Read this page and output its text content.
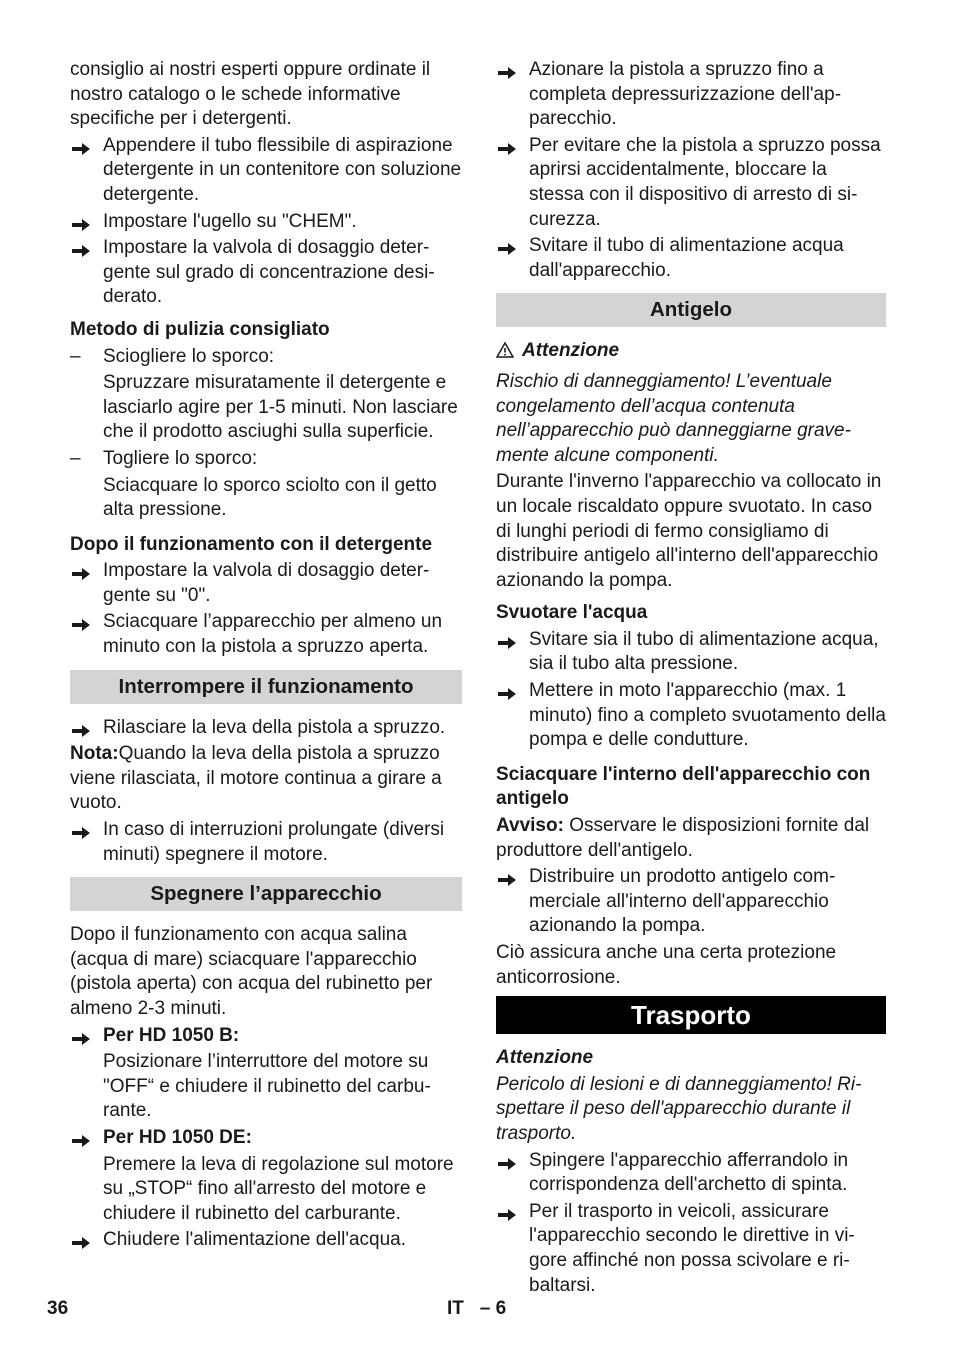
consiglio ai nostri esperti oppure ordinate il nostro catalogo o le schede informative specifiche per i detergenti.

Appendere il tubo flessibile di aspirazione detergente in un contenitore con soluzione detergente.
Impostare l'ugello su "CHEM".
Impostare la valvola di dosaggio detergente sul grado di concentrazione desiderato.
Metodo di pulizia consigliato
– Sciogliere lo sporco:

Spruzzare misuratamente il detergente e lasciarlo agire per 1-5 minuti. Non lasciare che il prodotto asciughi sulla superficie.

– Togliere lo sporco:

Sciacquare lo sporco sciolto con il getto alta pressione.

Dopo il funzionamento con il detergente
Impostare la valvola di dosaggio detergente su "0".
Sciacquare l’apparecchio per almeno un minuto con la pistola a spruzzo aperta.
Interrompere il funzionamento
Rilasciare la leva della pistola a spruzzo.

Nota:Quando la leva della pistola a spruzzo viene rilasciata, il motore continua a girare a vuoto.

In caso di interruzioni prolungate (diversi minuti) spegnere il motore.
Spegnere l’apparecchio

Dopo il funzionamento con acqua salina (acqua di mare) sciacquare l'apparecchio (pistola aperta) con acqua del rubinetto per almeno 2-3 minuti.

Per HD 1050 B:

Posizionare l’interruttore del motore su "OFF“ e chiudere il rubinetto del carburante.

Per HD 1050 DE:

Premere la leva di regolazione sul motore su „STOP“ fino all'arresto del motore e chiudere il rubinetto del carburante.

Chiudere l'alimentazione dell'acqua.
Azionare la pistola a spruzzo fino a completa depressurizzazione dell'apparecchio.
Per evitare che la pistola a spruzzo possa aprirsi accidentalmente, bloccare la stessa con il dispositivo di arresto di sicurezza.
Svitare il tubo di alimentazione acqua dall'apparecchio.
Antigelo

Attenzione

Rischio di danneggiamento! L’eventuale congelamento dell’acqua contenuta nell’apparecchio può danneggiarne gravemente alcune componenti.

Durante l'inverno l'apparecchio va collocato in un locale riscaldato oppure svuotato. In caso di lunghi periodi di fermo consigliamo di distribuire antigelo all'interno dell'apparecchio azionando la pompa.

Svuotare l'acqua
Svitare sia il tubo di alimentazione acqua, sia il tubo alta pressione.
Mettere in moto l'apparecchio (max. 1 minuto) fino a completo svuotamento della pompa e delle condutture.
Sciacquare l'interno dell'apparecchio con antigelo

Avviso: Osservare le disposizioni fornite dal produttore dell'antigelo.

Distribuire un prodotto antigelo commerciale all'interno dell'apparecchio azionando la pompa.

Ciò assicura anche una certa protezione anticorrosione.

Trasporto

Attenzione

Pericolo di lesioni e di danneggiamento! Rispettare il peso dell'apparecchio durante il trasporto.

Spingere l'apparecchio afferrandolo in corrispondenza dell'archetto di spinta.
Per il trasporto in veicoli, assicurare l'apparecchio secondo le direttive in vigore affinché non possa scivolare e ribaltarsi.
36	IT   – 6
